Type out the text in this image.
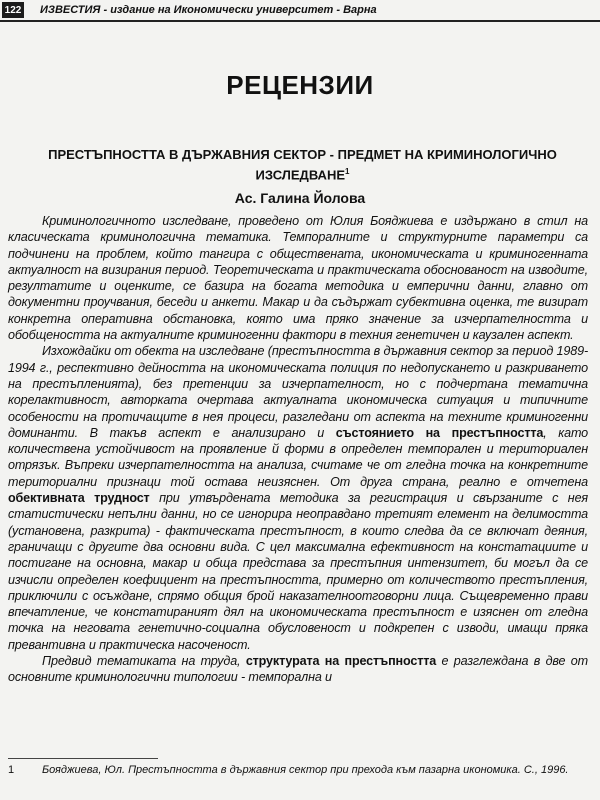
122 ИЗВЕСТИЯ - издание на Икономически университет - Варна
РЕЦЕНЗИИ
ПРЕСТЪПНОСТТА В ДЪРЖАВНИЯ СЕКТОР - ПРЕДМЕТ НА КРИМИНОЛОГИЧНО ИЗСЛЕДВАНЕ$^1$
Ас. Галина Йолова

Криминологичното изследване, проведено от Юлия Бояджиева е издържано в стил на класическата криминологична тематика. Темпоралните и структурните параметри са подчинени на проблем, който тангира с обществената, икономическата и криминогенната актуалност на визирания период. Теоретическата и практическата обоснованост на изводите, резултатите и оценките, се базира на богата методика и емперични данни, главно от документни проучвания, беседи и анкети. Макар и да съдържат субективна оценка, те визират конкретна оперативна обстановка, която има пряко значение за изчерпателността и обобщеността на актуалните криминогенни фактори в техния генетичен и каузален аспект.

Изхождайки от обекта на изследване (престъпността в държавния сектор за период 1989-1994 г., респективно дейността на икономическата полиция по недопускането и разкриването на престъпленията), без претенции за изчерпателност, но с подчертана тематична корелактивност, авторката очертава актуалната икономическа ситуация и типичните особености на протичащите в нея процеси, разгледани от аспекта на техните криминогенни доминанти. В такъв аспект е анализирано и състоянието на престъпността, като количествена устойчивост на проявление й форми в определен темпорален и териториален отрязък. Въпреки изчерпателността на анализа, считаме че от гледна точка на конкретните териториални признаци той остава неизяснен. От друга страна, реално е отчетена обективната трудност при утвърдената методика за регистрация и свързаните с нея статистически непълни данни, но се игнорира неоправдано третият елемент на делимостта (установена, разкрита) - фактическата престъпност, в които следва да се включат деяния, граничащи с другите два основни вида. С цел максимална ефективност на констатациите и постигане на основна, макар и обща представа за престъпния интензитет, би могъл да се изчисли определен коефициент на престъпността, примерно от количеството престъпления, приключили с осъждане, спрямо общия брой наказателноотговорни лица. Същевременно прави впечатление, че констатираният дял на икономическата престъпност е изяснен от гледна точка на неговата генетично-социална обусловеност и подкрепен с изводи, имащи пряка превантивна и практическа насоченост.

Предвид тематиката на труда, структурата на престъпността е разглеждана в две от основните криминологични типологии - темпорална и

1	Бояджиева, Юл. Престъпността в държавния сектор при прехода към пазарна икономика. С., 1996.
